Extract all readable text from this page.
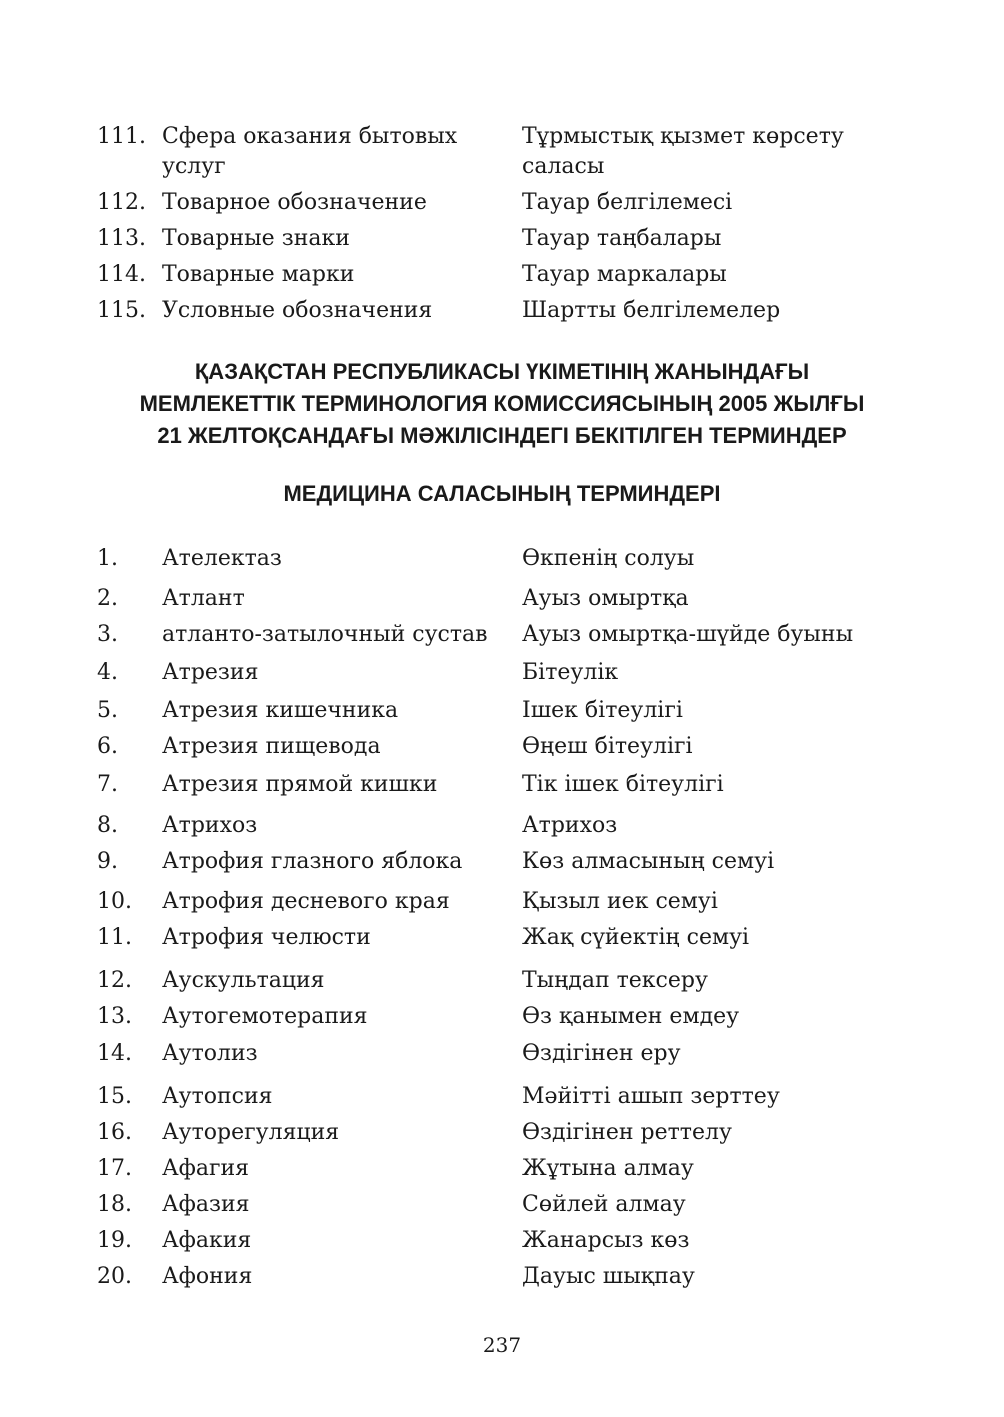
111. Сфера оказания бытовых	Тұрмыстық қызмет көрсету
услуг	саласы
112. Товарное обозначение	Тауар белгілемесі
113. Товарные знаки	Тауар таңбалары
114. Товарные марки	Тауар маркалары
115. Условные обозначения	Шартты белгілемелер
ҚАЗАҚСТАН РЕСПУБЛИКАСЫ ҮКІМЕТІНІҢ ЖАНЫНДАҒЫ
МЕМЛЕКЕТТІК ТЕРМИНОЛОГИЯ КОМИССИЯСЫНЫҢ 2005 ЖЫЛҒЫ
21 ЖЕЛТОҚСАНДАҒЫ МӘЖІЛІСІНДЕГІ БЕКІТІЛГЕН ТЕРМИНДЕР
МЕДИЦИНА САЛАСЫНЫҢ ТЕРМИНДЕРІ
1. Ателектаз	Өкпенің солуы
2. Атлант	Ауыз омыртқа
3. атланто-затылочный сустав	Ауыз омыртқа-шүйде буыны
4. Атрезия	Бітеулік
5. Атрезия кишечника	Ішек бітеулігі
6. Атрезия пищевода	Өңеш бітеулігі
7. Атрезия прямой кишки	Тік ішек бітеулігі
8. Атрихоз	Атрихоз
9. Атрофия глазного яблока	Көз алмасының семуі
10. Атрофия десневого края	Қызыл иек семуі
11. Атрофия челюсти	Жақ сүйектің семуі
12. Аускультация	Тыңдап тексеру
13. Аутогемотерапия	Өз қанымен емдеу
14. Аутолиз	Өздігінен еру
15. Аутопсия	Мәйітті ашып зерттеу
16. Ауторегуляция	Өздігінен реттелу
17. Афагия	Жұтына алмау
18. Афазия	Сөйлей алмау
19. Афакия	Жанарсыз көз
20. Афония	Дауыс шықпау
237
